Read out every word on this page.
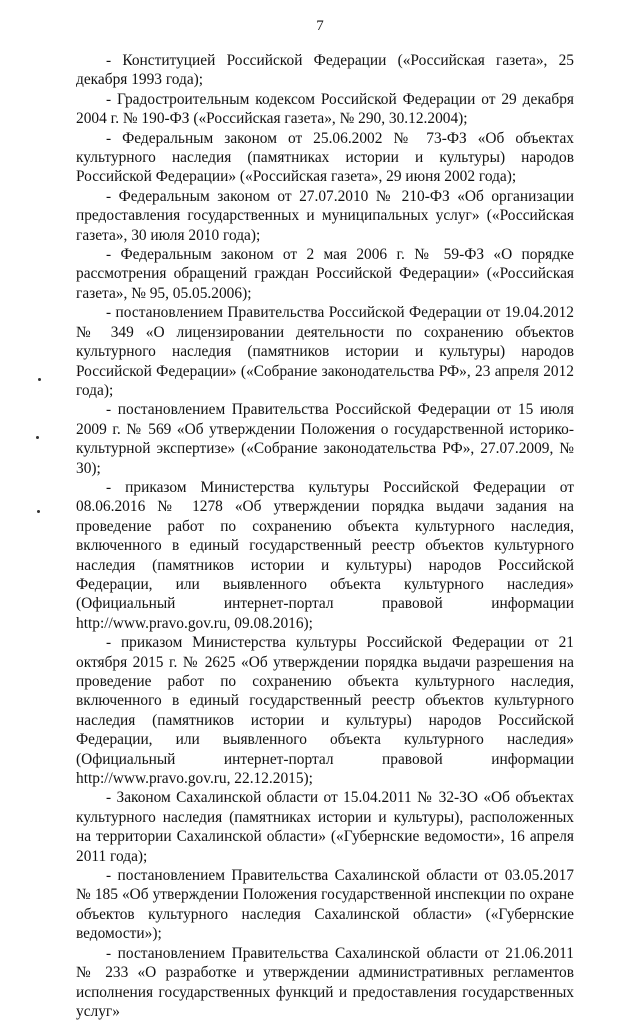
7

- Конституцией Российской Федерации («Российская газета», 25 декабря 1993 года);

- Градостроительным кодексом Российской Федерации от 29 декабря 2004 г. № 190-ФЗ («Российская газета», № 290, 30.12.2004);

- Федеральным законом от 25.06.2002 № 73-ФЗ «Об объектах культурного наследия (памятниках истории и культуры) народов Российской Федерации» («Российская газета», 29 июня 2002 года);

- Федеральным законом от 27.07.2010 № 210-ФЗ «Об организации предоставления государственных и муниципальных услуг» («Российская газета», 30 июля 2010 года);

- Федеральным законом от 2 мая 2006 г. № 59-ФЗ «О порядке рассмотрения обращений граждан Российской Федерации» («Российская газета», № 95, 05.05.2006);

- постановлением Правительства Российской Федерации от 19.04.2012 № 349 «О лицензировании деятельности по сохранению объектов культурного наследия (памятников истории и культуры) народов Российской Федерации» («Собрание законодательства РФ», 23 апреля 2012 года);

- постановлением Правительства Российской Федерации от 15 июля 2009 г. № 569 «Об утверждении Положения о государственной историко-культурной экспертизе» («Собрание законодательства РФ», 27.07.2009, № 30);

- приказом Министерства культуры Российской Федерации от 08.06.2016 № 1278 «Об утверждении порядка выдачи задания на проведение работ по сохранению объекта культурного наследия, включенного в единый государственный реестр объектов культурного наследия (памятников истории и культуры) народов Российской Федерации, или выявленного объекта культурного наследия» (Официальный интернет-портал правовой информации http://www.pravo.gov.ru, 09.08.2016);

- приказом Министерства культуры Российской Федерации от 21 октября 2015 г. № 2625 «Об утверждении порядка выдачи разрешения на проведение работ по сохранению объекта культурного наследия, включенного в единый государственный реестр объектов культурного наследия (памятников истории и культуры) народов Российской Федерации, или выявленного объекта культурного наследия» (Официальный интернет-портал правовой информации http://www.pravo.gov.ru, 22.12.2015);

- Законом Сахалинской области от 15.04.2011 № 32-ЗО «Об объектах культурного наследия (памятниках истории и культуры), расположенных на территории Сахалинской области» («Губернские ведомости», 16 апреля 2011 года);

- постановлением Правительства Сахалинской области от 03.05.2017 № 185 «Об утверждении Положения государственной инспекции по охране объектов культурного наследия Сахалинской области» («Губернские ведомости»);

- постановлением Правительства Сахалинской области от 21.06.2011 № 233 «О разработке и утверждении административных регламентов исполнения государственных функций и предоставления государственных услуг»
